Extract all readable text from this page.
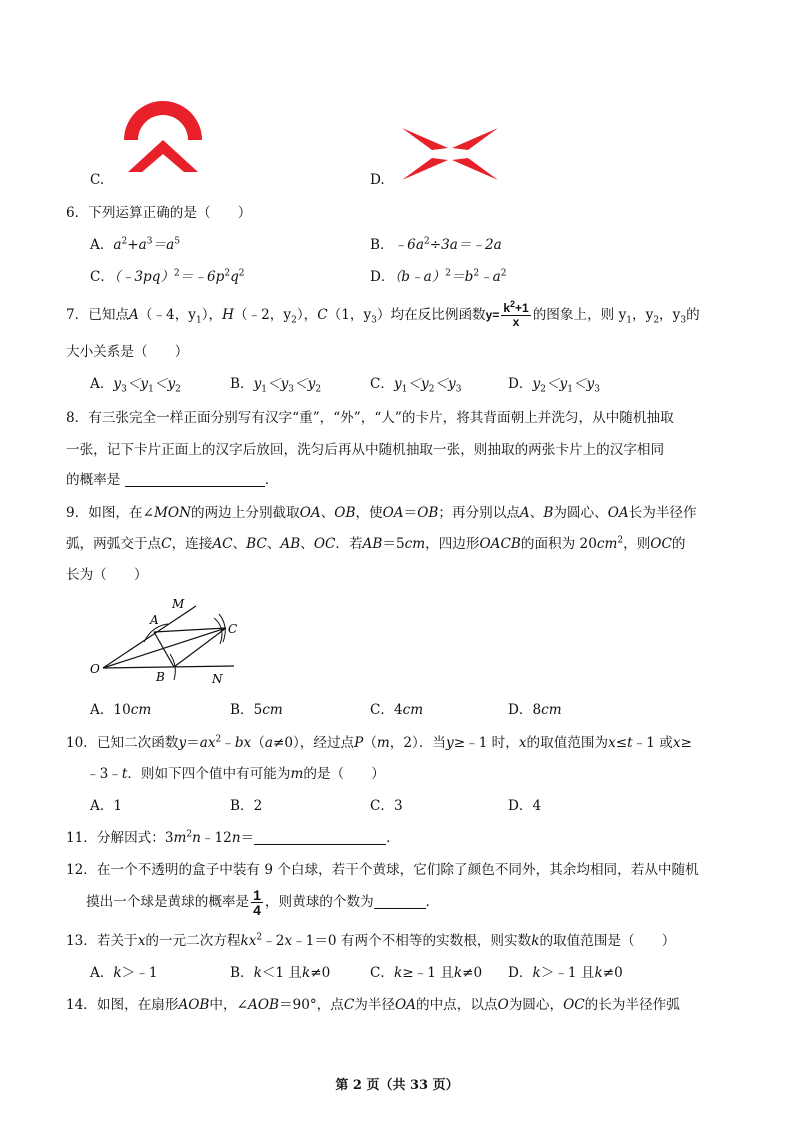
C.	D.
6．下列运算正确的是（　　）
A．$a^2+a^3=a^5$	B．$﹣6a^2\div 3a=﹣2a$
C．$(﹣3pq)^2=﹣6p^2q^2$	D．$(b﹣a)^2=b^2﹣a^2$
7．已知点A（﹣4，$y_1$），H（﹣2，$y_2$），C（1，$y_3$）均在反比例函数$y= \frac{k^2+1}{x}$ 的图象上，则 $y_1$，$y_2$，$y_3$的
大小关系是（　　）
A．$y_3<y_1<y_2$	B．$y_1<y_3<y_2$	C．$y_1<y_2<y_3$	D．$y_2<y_1<y_3$
8．有三张完全一样正面分别写有汉字“重”，“外”，“人”的卡片，将其背面朝上并洗匀，从中随机抽取
一张，记下卡片正面上的汉字后放回，洗匀后再从中随机抽取一张，则抽取的两张卡片上的汉字相同
的概率是	．
9．如图，在∠MON的两边上分别截取OA、OB，使OA＝OB；再分别以点A、B为圆心、OA长为半径作
弧，两弧交于点C，连接AC、BC、AB、OC．若AB＝5cm，四边形OACB的面积为 $20cm^2$，则OC的
长为（　　）
M
A
C
O
B	N
A．10cm	B．5cm	C．4cm	D．8cm
10．已知二次函数$y=ax^2﹣bx(a\ne 0)$，经过点P（m，2）．当y≥﹣1 时，x的取值范围为x≤t﹣1 或x≥
﹣3﹣t．则如下四个值中有可能为m的是（　　）
A．1	B．2	C．3	D．4
11．分解因式：$3m^2n﹣12n=$	．
12．在一个不透明的盒子中装有 9 个白球，若干个黄球，它们除了颜色不同外，其余均相同，若从中随机
摸出一个球是黄球的概率是 $\frac{1}{4}$ ，则黄球的个数为	．
13．若关于x的一元二次方程$kx^2﹣2x﹣1=0$ 有两个不相等的实数根，则实数k的取值范围是（　　）
A．k＞﹣1	B．k＜1 且k≠0	C．k≥﹣1 且k≠0 D．k＞﹣1 且k≠0
14．如图，在扇形AOB中，∠AOB＝90°，点C为半径OA的中点，以点O为圆心，OC的长为半径作弧
第 2 页（共 33 页）
